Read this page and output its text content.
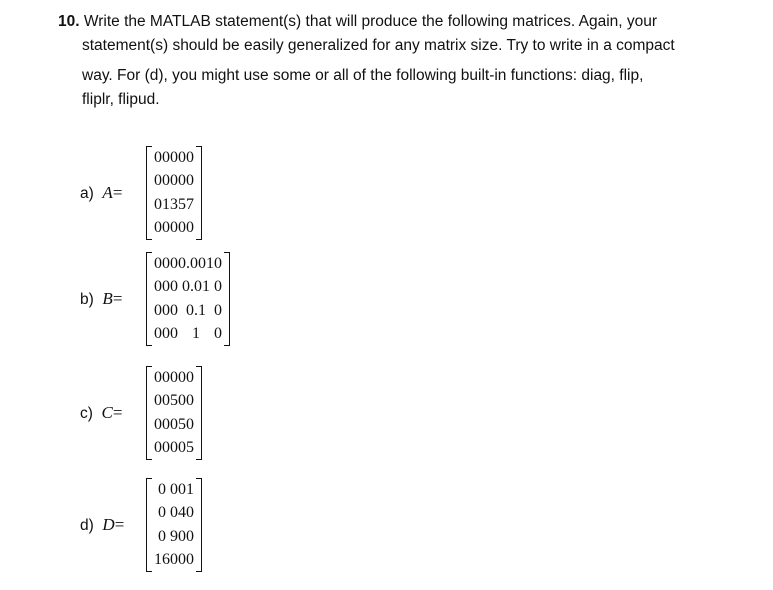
10. Write the MATLAB statement(s) that will produce the following matrices. Again, your
statement(s) should be easily generalized for any matrix size. Try to write in a compact
way. For (d), you might use some or all of the following built-in functions: diag, flip,
fliplr, flipud.
a) A=
0	0	0	0	0
0	0	0	0	0
0	1	3	5	7
0	0	0	0	0
b) B=
0	0	0	0.001	0
0	0	0	0.01	0
0	0	0	0.1	0
0	0	0	1	0
c) C=
0	0	0	0	0
0	0	5	0	0
0	0	0	5	0
0	0	0	0	5
d) D=
0	0	0	1
0	0	4	0
0	9	0	0
16	0	0	0
